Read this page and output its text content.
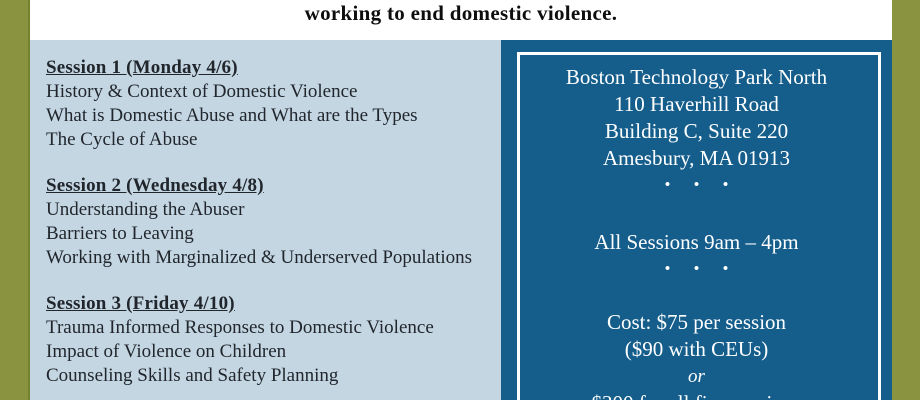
working to end domestic violence.

Session 1 (Monday 4/6)
History & Context of Domestic Violence
What is Domestic Abuse and What are the Types
The Cycle of Abuse
Session 2 (Wednesday 4/8)
Understanding the Abuser
Barriers to Leaving
Working with Marginalized & Underserved Populations
Session 3 (Friday 4/10)
Trauma Informed Responses to Domestic Violence
Impact of Violence on Children
Counseling Skills and Safety Planning
Boston Technology Park North
110 Haverhill Road
Building C, Suite 220
Amesbury, MA 01913
• • •
All Sessions 9am – 4pm
• • •
Cost: $75 per session
($90 with CEUs)
or
$300 for all five sessions
